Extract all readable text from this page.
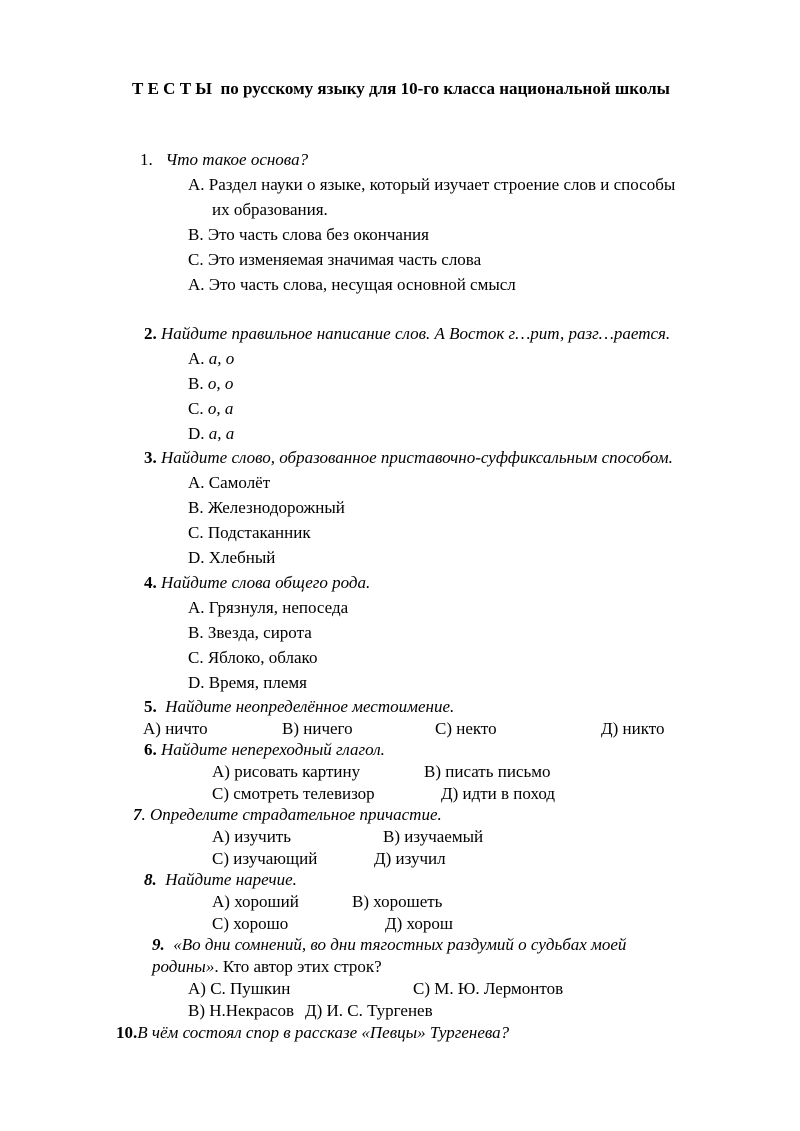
Т Е С Т Ы по русскому языку для 10-го класса национальной школы
1. Что такое основа?
A. Раздел науки о языке, который изучает строение слов и способы
их образования.
B. Это часть слова без окончания
C. Это изменяемая значимая часть слова
A. Это часть слова, несущая основной смысл
2. Найдите правильное написание слов. А Восток г…рит, разг…рается.
A. а, о
B. о, о
C. о, а
D. а, а
3. Найдите слово, образованное приставочно-суффиксальным способом.
A. Самолёт
B. Железнодорожный
C. Подстаканник
D. Хлебный
4. Найдите слова общего рода.
A. Грязнуля, непоседа
B. Звезда, сирота
C. Яблоко, облако
D. Время, племя
5. Найдите неопределённое местоимение.
А) ничто	В) ничего	С) некто	Д) никто
6. Найдите непереходный глагол.
А) рисовать картину	В) писать письмо
С) смотреть телевизор	Д) идти в поход
7. Определите страдательное причастие.
А) изучить	В) изучаемый
С) изучающий	Д) изучил
8. Найдите наречие.
А) хороший	В) хорошеть
С) хорошо	Д) хорош
9. «Во дни сомнений, во дни тягостных раздумий о судьбах моей
родины». Кто автор этих строк?
А) С. Пушкин	С) М. Ю. Лермонтов
В) Н.Некрасов Д) И. С. Тургенев
10.В чём состоял спор в рассказе «Певцы» Тургенева?
